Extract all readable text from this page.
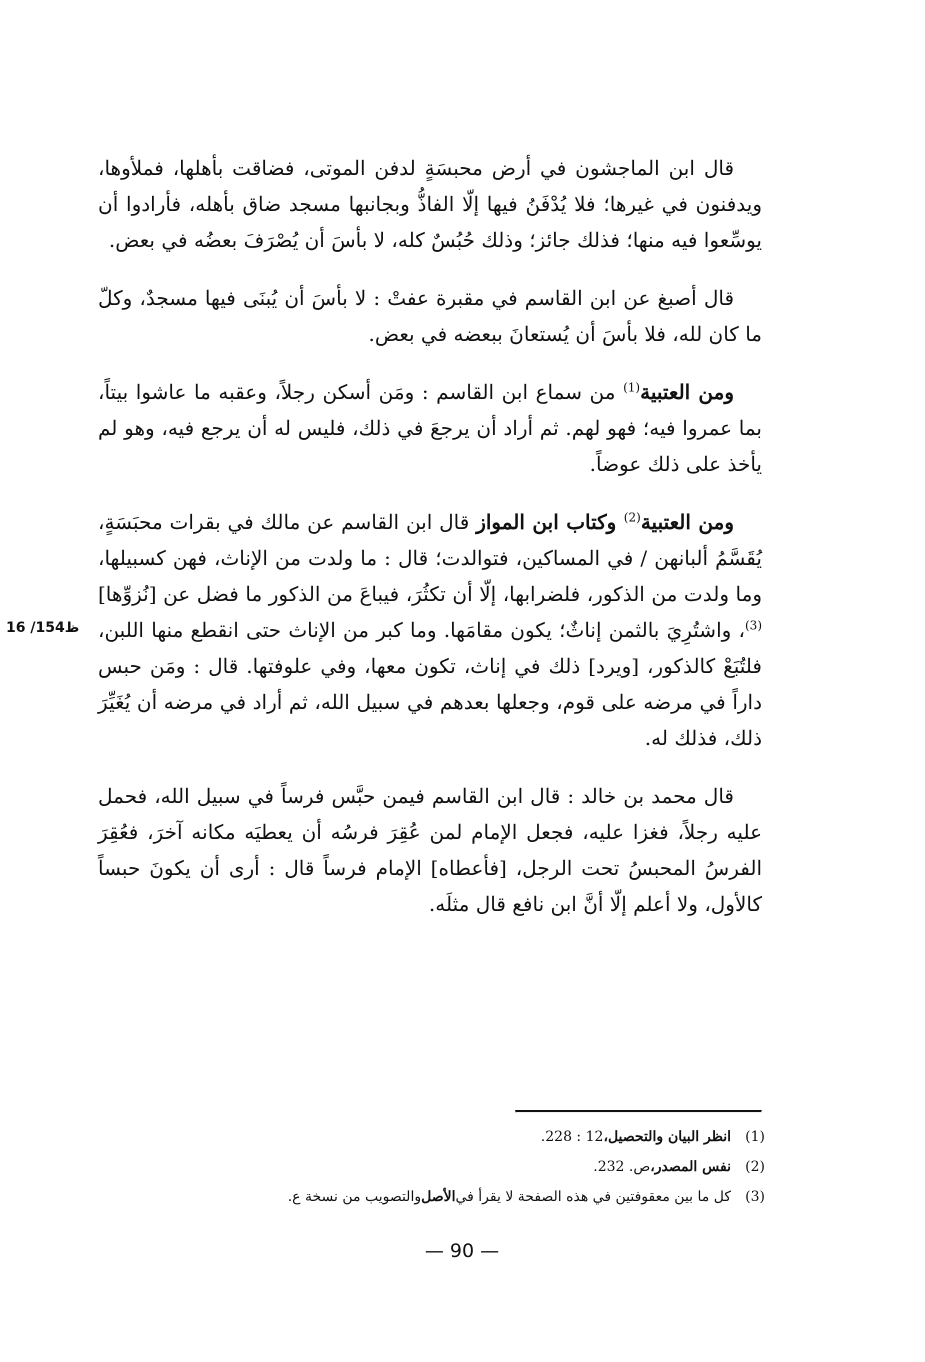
قال ابن الماجشون في أرض محبسَةٍ لدفن الموتى، فضاقت بأهلها، فملأوها، ويدفنون في غيرها؛ فلا يُدْفَنُ فيها إلّا الفاذُّ وبجانبها مسجد ضاق بأهله، فأرادوا أن يوسِّعوا فيه منها؛ فذلك جائز؛ وذلك حُبُسٌ كله، لا بأسَ أن يُصْرَفَ بعضُه في بعض.

قال أصبغ عن ابن القاسم في مقبرة عفتْ : لا بأسَ أن يُبنَى فيها مسجدٌ، وكلّ ما كان لله، فلا بأسَ أن يُستعانَ ببعضه في بعض.

ومن العتبية$^{(1)}$ من سماع ابن القاسم : ومَن أسكن رجلاً، وعقبه ما عاشوا بيتاً، بما عمروا فيه؛ فهو لهم. ثم أراد أن يرجعَ في ذلك، فليس له أن يرجع فيه، وهو لم يأخذ على ذلك عوضاً.

ومن العتبية$^{(2)}$ وكتاب ابن المواز قال ابن القاسم عن مالك في بقرات محبَسَةٍ، يُقَسَّمُ ألبانهن / في المساكين، فتوالدت؛ قال : ما ولدت من الإناث، فهن كسبيلها، وما ولدت من الذكور، فلضرابها، إلّا أن تكثُرَ، فيباعَ من الذكور ما فضل عن [نُزوِّها]$^{(3)}$، واشتُرِيَ بالثمن إناثٌ؛ يكون مقامَها. وما كبر من الإناث حتى انقطع منها اللبن، فلتُبَعْ كالذكور، [ويرد] ذلك في إناث، تكون معها، وفي علوفتها. قال : ومَن حبس داراً في مرضه على قوم، وجعلها بعدهم في سبيل الله، ثم أراد في مرضه أن يُغَيِّرَ ذلك، فذلك له.

قال محمد بن خالد : قال ابن القاسم فيمن حبَّس فرساً في سبيل الله، فحمل عليه رجلاً، فغزا عليه، فجعل الإمام لمن عُقِرَ فرسُه أن يعطيَه مكانه آخرَ، فعُقِرَ الفرسُ المحبسُ تحت الرجل، [فأعطاه] الإمام فرساً قال : أرى أن يكونَ حبساً كالأول، ولا أعلم إلّا أنَّ ابن نافع قال مثلَه.

16 /154ظ
(1)
انظر البيان والتحصيل،
12 : 228.
(2)
نفس المصدر،
ص. 232.
(3)
كل ما بين معقوفتين في هذه الصفحة لا يقرأ في
الأصل
والتصويب من نسخة ع.
— 90 —
